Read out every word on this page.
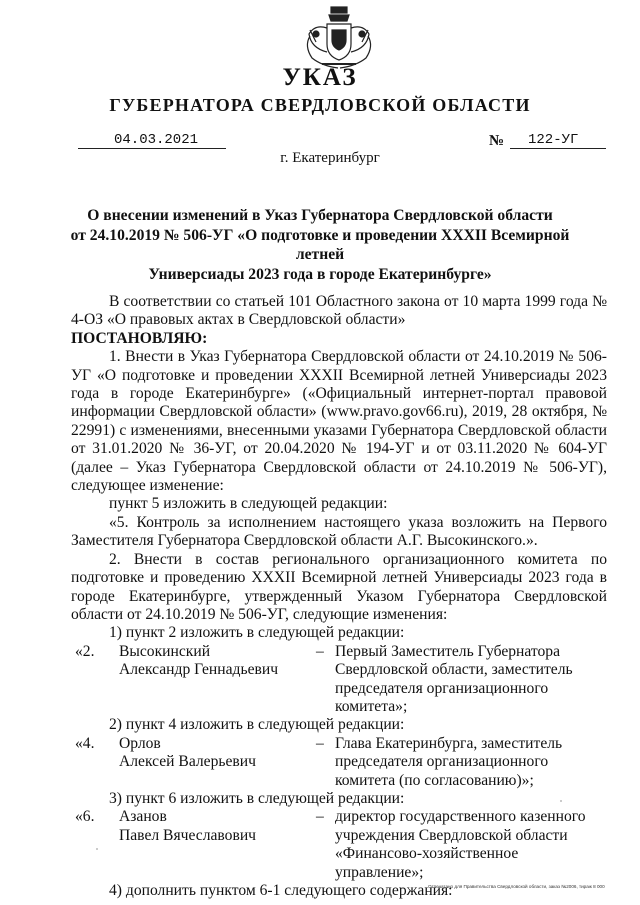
УКАЗ
ГУБЕРНАТОРА СВЕРДЛОВСКОЙ ОБЛАСТИ
04.03.2021	№ 122-УГ
г. Екатеринбург
О внесении изменений в Указ Губернатора Свердловской области
от 24.10.2019 № 506-УГ «О подготовке и проведении XXXII Всемирной летней
Универсиады 2023 года в городе Екатеринбурге»

В соответствии со статьей 101 Областного закона от 10 марта 1999 года № 4-ОЗ «О правовых актах в Свердловской области»

ПОСТАНОВЛЯЮ:

1. Внести в Указ Губернатора Свердловской области от 24.10.2019 № 506-УГ «О подготовке и проведении XXXII Всемирной летней Универсиады 2023 года в городе Екатеринбурге» («Официальный интернет-портал правовой информации Свердловской области» (www.pravo.gov66.ru), 2019, 28 октября, № 22991) с изменениями, внесенными указами Губернатора Свердловской области от 31.01.2020 № 36-УГ, от 20.04.2020 № 194-УГ и от 03.11.2020 № 604-УГ (далее – Указ Губернатора Свердловской области от 24.10.2019 № 506-УГ), следующее изменение:

пункт 5 изложить в следующей редакции:

«5. Контроль за исполнением настоящего указа возложить на Первого Заместителя Губернатора Свердловской области А.Г. Высокинского.».

2. Внести в состав регионального организационного комитета по подготовке и проведению XXXII Всемирной летней Универсиады 2023 года в городе Екатеринбурге, утвержденный Указом Губернатора Свердловской области от 24.10.2019 № 506-УГ, следующие изменения:

1) пункт 2 изложить в следующей редакции:

«2. Высокинский
Александр Геннадьевич
– Первый Заместитель Губернатора Свердловской области, заместитель председателя организационного комитета»;

2) пункт 4 изложить в следующей редакции:

«4. Орлов
Алексей Валерьевич
– Глава Екатеринбурга, заместитель председателя организационного комитета (по согласованию)»;

3) пункт 6 изложить в следующей редакции:

«6. Азанов
Павел Вячеславович
– директор государственного казенного учреждения Свердловской области «Финансово-хозяйственное управление»;

4) дополнить пунктом 6-1 следующего содержания:

Отпечатано для Правительства Свердловской области, заказ №2006, тираж 8 000
